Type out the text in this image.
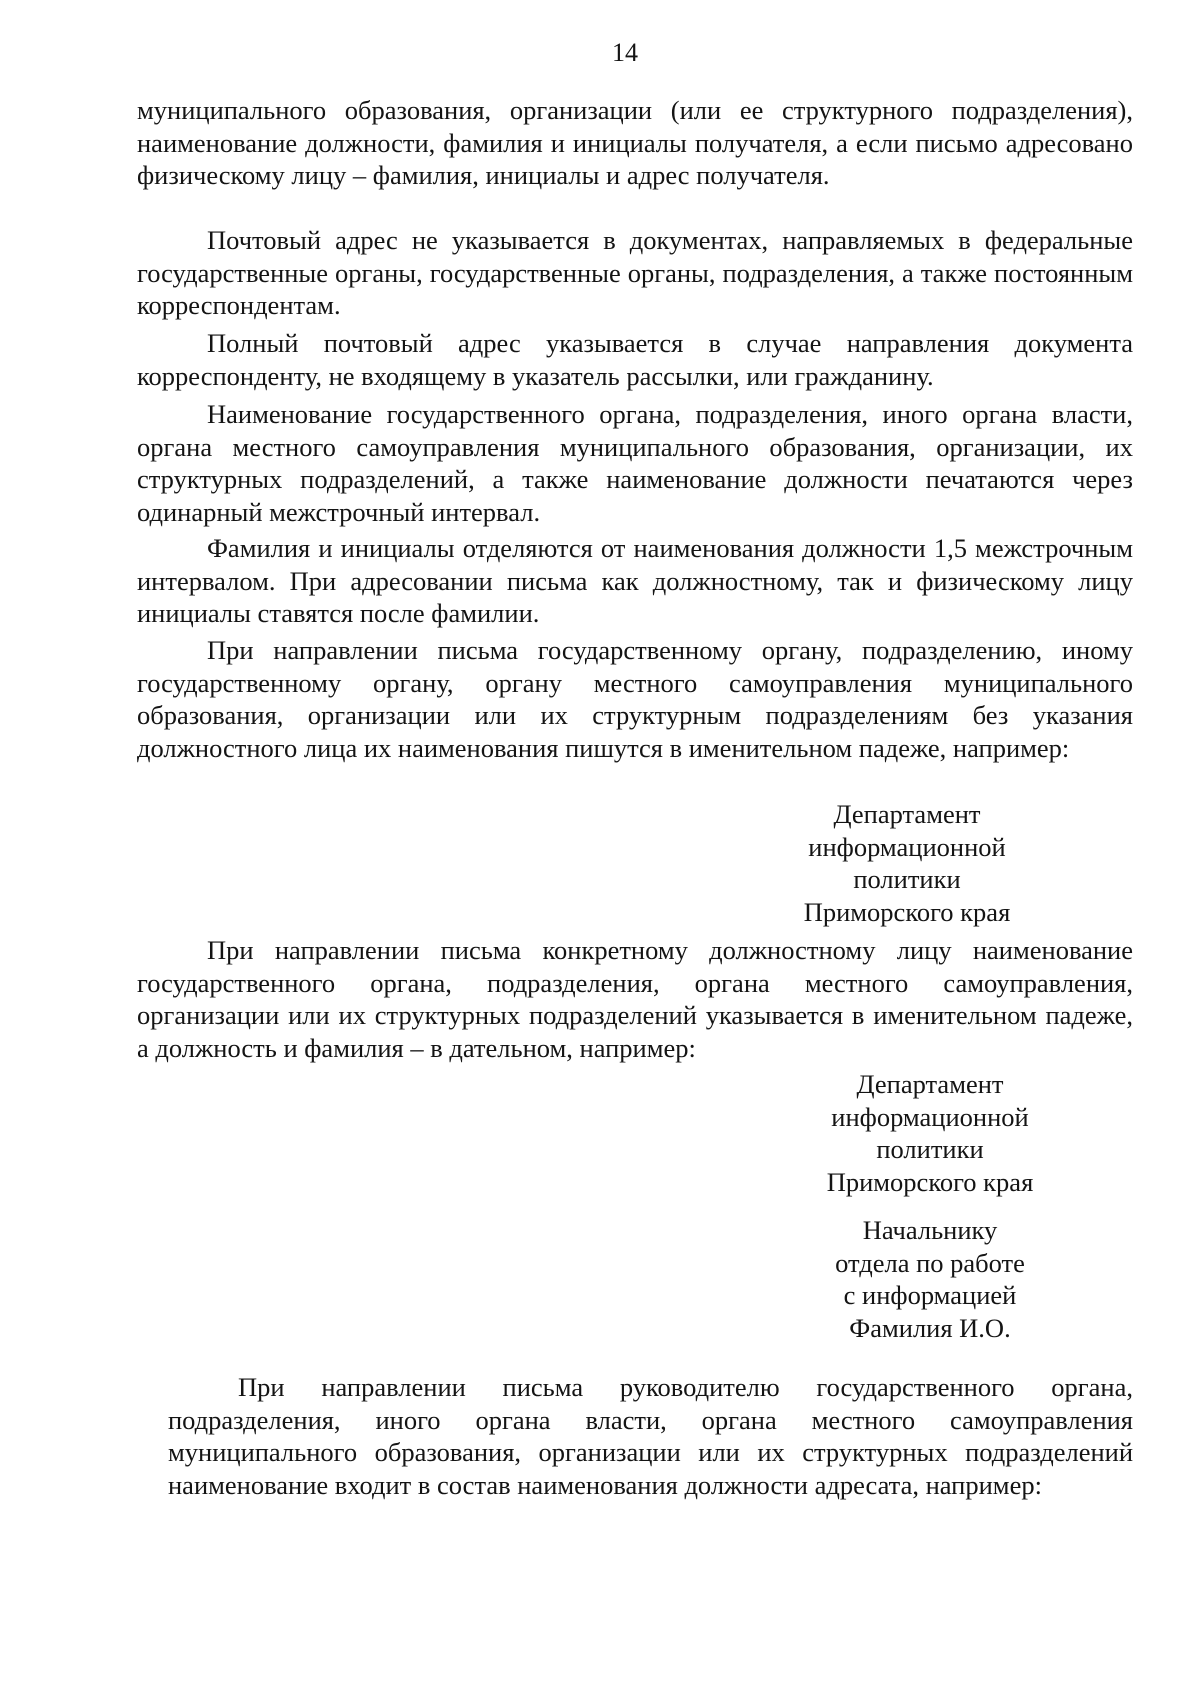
14

муниципального образования, организации (или ее структурного подразделения), наименование должности, фамилия и инициалы получателя, а если письмо адресовано физическому лицу – фамилия, инициалы и адрес получателя.

Почтовый адрес не указывается в документах, направляемых в федеральные государственные органы, государственные органы, подразделения, а также постоянным корреспондентам.

Полный почтовый адрес указывается в случае направления документа корреспонденту, не входящему в указатель рассылки, или гражданину.

Наименование государственного органа, подразделения, иного органа власти, органа местного самоуправления муниципального образования, организации, их структурных подразделений, а также наименование должности печатаются через одинарный межстрочный интервал.

Фамилия и инициалы отделяются от наименования должности 1,5 межстрочным интервалом. При адресовании письма как должностному, так и физическому лицу инициалы ставятся после фамилии.

При направлении письма государственному органу, подразделению, иному государственному органу, органу местного самоуправления муниципального образования, организации или их структурным подразделениям без указания должностного лица их наименования пишутся в именительном падеже, например:

Департамент
информационной
политики
Приморского края

При направлении письма конкретному должностному лицу наименование государственного органа, подразделения, органа местного самоуправления, организации или их структурных подразделений указывается в именительном падеже, а должность и фамилия – в дательном, например:

Департамент
информационной
политики
Приморского края
Начальнику
отдела по работе
с информацией
Фамилия И.О.

При направлении письма руководителю государственного органа, подразделения, иного органа власти, органа местного самоуправления муниципального образования, организации или их структурных подразделений наименование входит в состав наименования должности адресата, например:
